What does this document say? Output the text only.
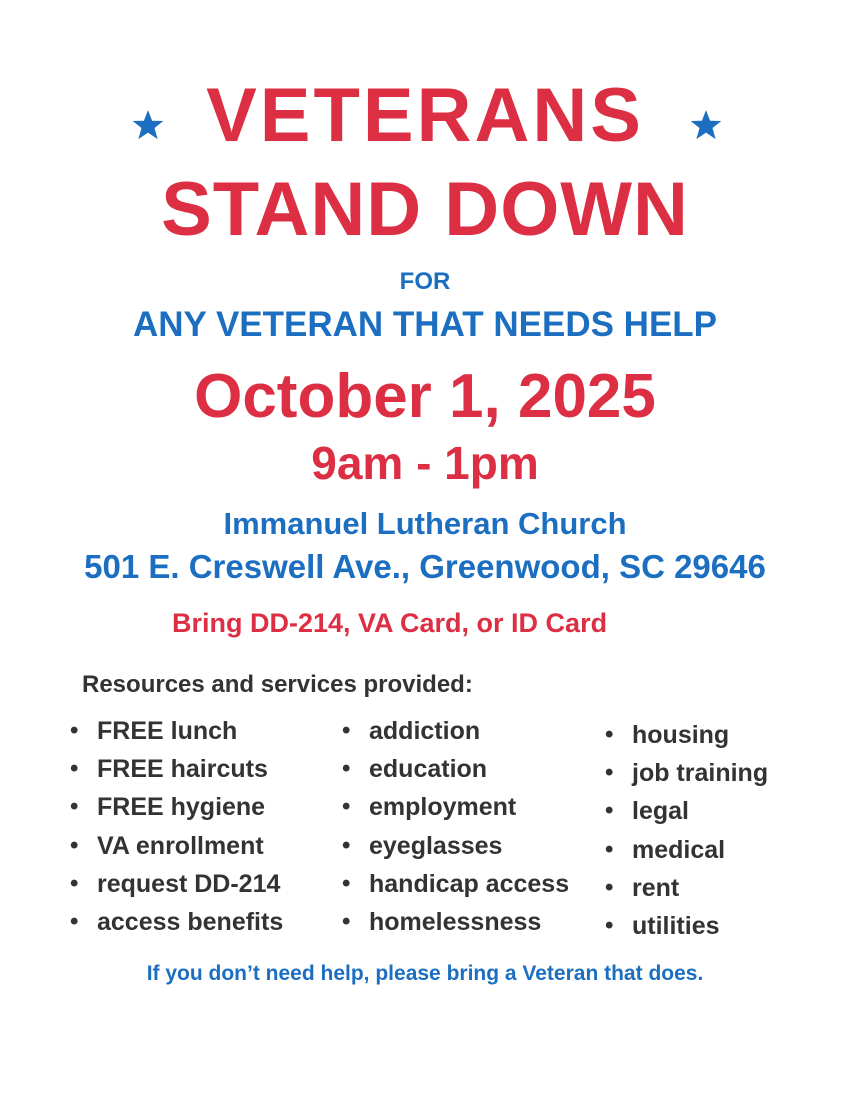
VETERANS
STAND DOWN
FOR
ANY VETERAN THAT NEEDS HELP
October 1, 2025
9am - 1pm
Immanuel Lutheran Church
501 E. Creswell Ave., Greenwood, SC 29646
Bring DD-214, VA Card, or ID Card
Resources and services provided:
• FREE lunch
• FREE haircuts
• FREE hygiene
• VA enrollment
• request DD-214
• access benefits
• addiction
• education
• employment
• eyeglasses
• handicap access
• homelessness
• housing
• job training
• legal
• medical
• rent
• utilities
If you don’t need help, please bring a Veteran that does.
